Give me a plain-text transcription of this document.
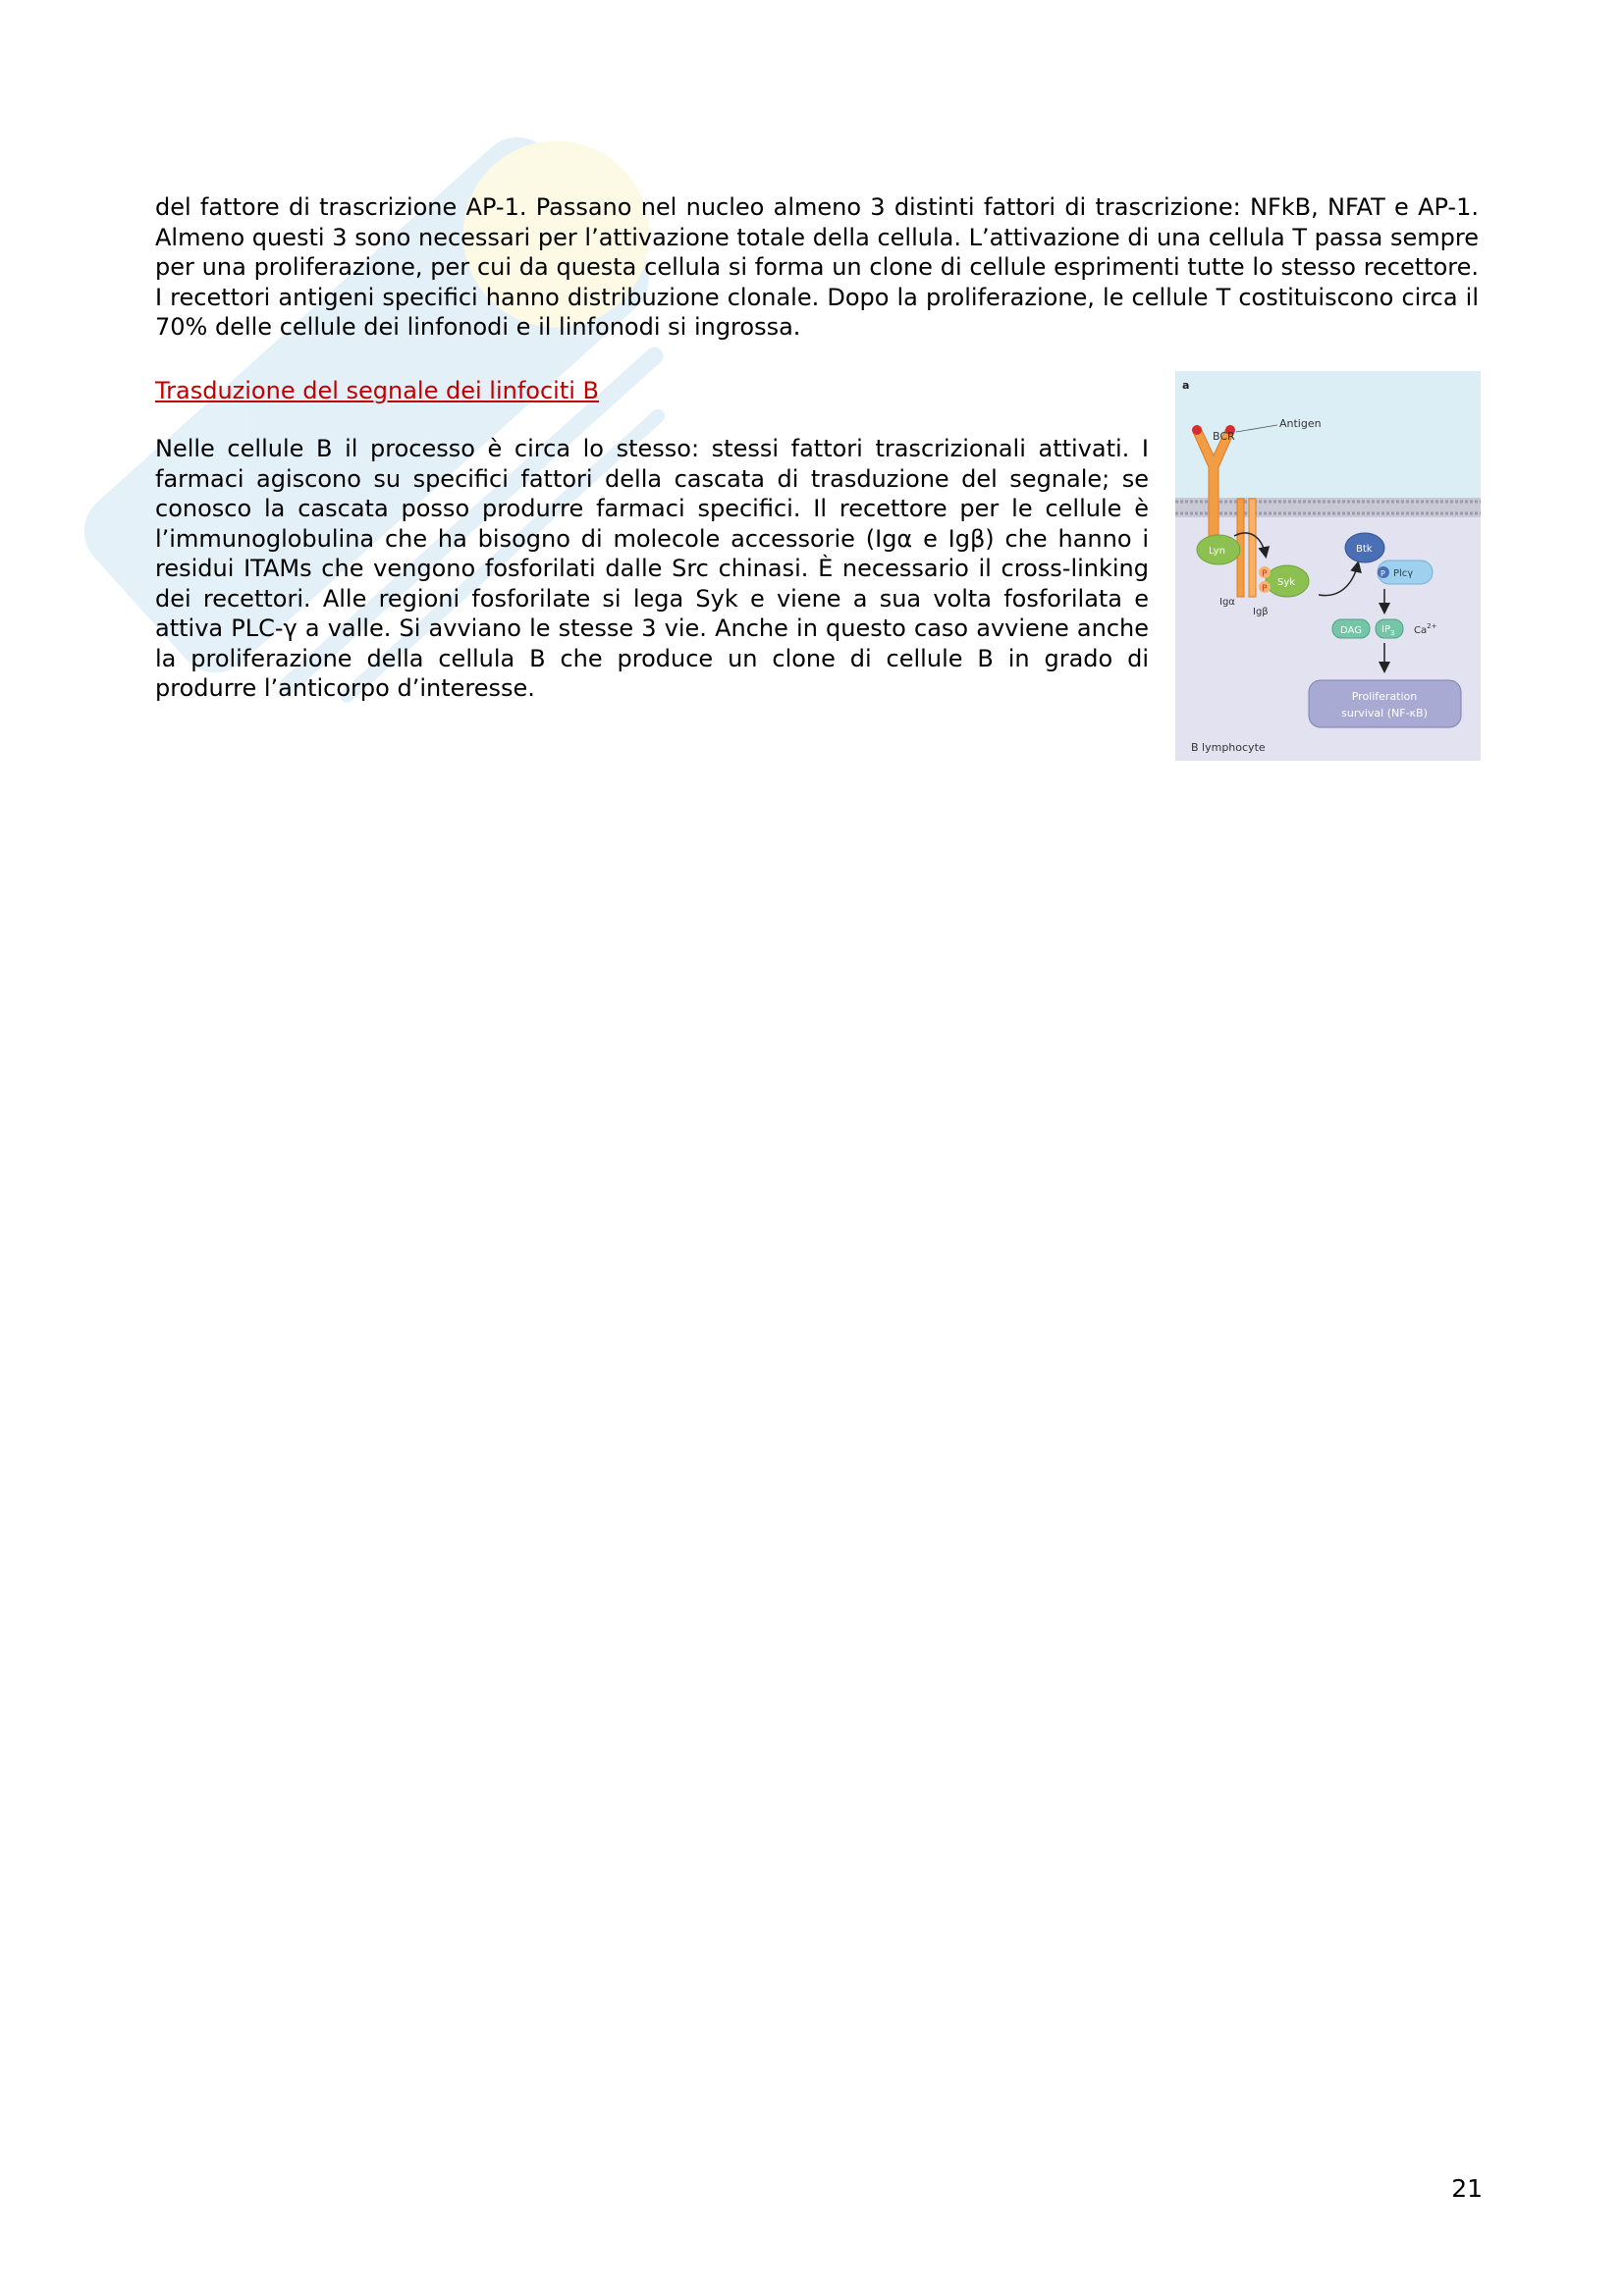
del fattore di trascrizione AP-1. Passano nel nucleo almeno 3 distinti fattori di trascrizione: NFkB, NFAT e AP-1. Almeno questi 3 sono necessari per l’attivazione totale della cellula. L’attivazione di una cellula T passa sempre per una proliferazione, per cui da questa cellula si forma un clone di cellule esprimenti tutte lo stesso recettore. I recettori antigeni specifici hanno distribuzione clonale. Dopo la proliferazione, le cellule T costituiscono circa il 70% delle cellule dei linfonodi e il linfonodi si ingrossa.

Trasduzione del segnale dei linfociti B

Nelle cellule B il processo è circa lo stesso: stessi fattori trascrizionali attivati. I farmaci agiscono su specifici fattori della cascata di trasduzione del segnale; se conosco la cascata posso produrre farmaci specifici. Il recettore per le cellule è l’immunoglobulina che ha bisogno di molecole accessorie (Igα e Igβ) che hanno i residui ITAMs che vengono fosforilati dalle Src chinasi. È necessario il cross-linking dei recettori. Alle regioni fosforilate si lega Syk e viene a sua volta fosforilata e attiva PLC-γ a valle. Si avviano le stesse 3 vie. Anche in questo caso avviene anche la proliferazione della cellula B che produce un clone di cellule B in grado di produrre l’anticorpo d’interesse.

a
BCR
Antigen
Igα
Igβ
Lyn
Syk
P
P
Btk
P Plcγ
DAG $IP_3$ $Ca^{2+}$
Proliferation
survival (NF-κB)
B lymphocyte
21
